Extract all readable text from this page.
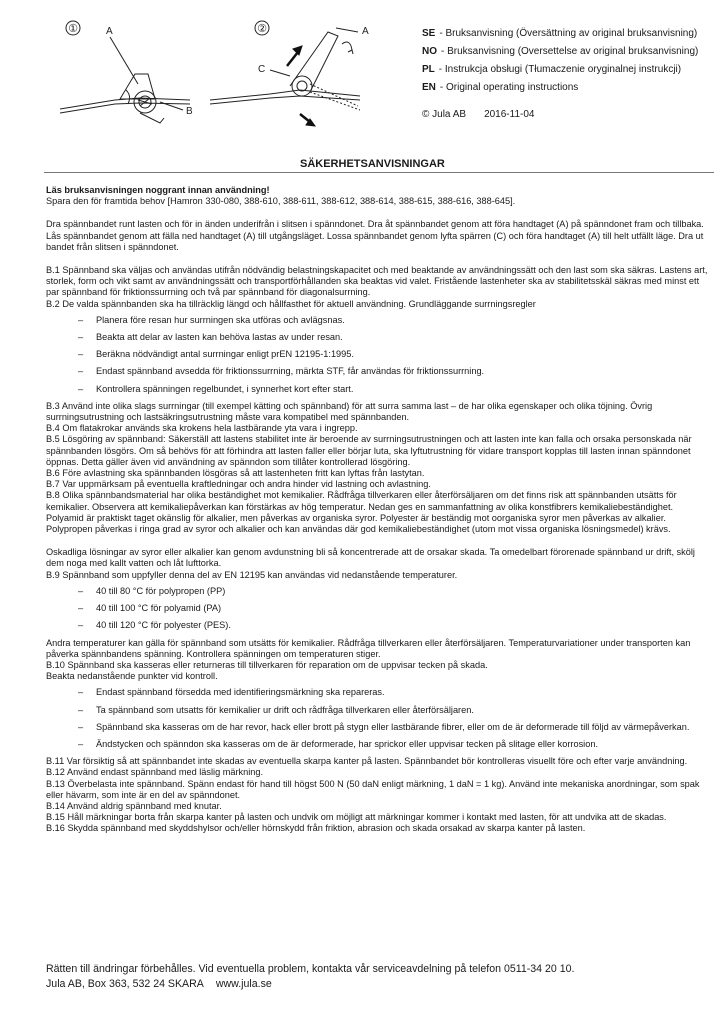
①	A
B
②	A
C
SE - Bruksanvisning (Översättning av original bruksanvisning)
NO - Bruksanvisning (Oversettelse av original bruksanvisning)
PL - Instrukcja obsługi (Tłumaczenie oryginalnej instrukcji)
EN - Original operating instructions
© Jula AB 2016-11-04
SÄKERHETSANVISNINGAR

Läs bruksanvisningen noggrant innan användning!

Spara den för framtida behov [Hamron 330-080, 388-610, 388-611, 388-612, 388-614, 388-615, 388-616, 388-645].

Dra spännbandet runt lasten och för in änden underifrån i slitsen i spänndonet. Dra åt spännbandet genom att föra handtaget (A) på spänndonet fram och tillbaka. Lås spännbandet genom att fälla ned handtaget (A) till utgångsläget. Lossa spännbandet genom lyfta spärren (C) och föra handtaget (A) till helt utfällt läge. Dra ut bandet från slitsen i spänndonet.

B.1 Spännband ska väljas och användas utifrån nödvändig belastningskapacitet och med beaktande av användningssätt och den last som ska säkras. Lastens art, storlek, form och vikt samt av användningssätt och transportförhållanden ska beaktas vid valet. Fristående lastenheter ska av stabilitetsskäl säkras med minst ett par spännband för friktionssurrning och två par spännband för diagonalsurrning.

B.2 De valda spännbanden ska ha tillräcklig längd och hållfasthet för aktuell användning. Grundläggande surrningsregler

– Planera före resan hur surrningen ska utföras och avlägsnas.
– Beakta att delar av lasten kan behöva lastas av under resan.
– Beräkna nödvändigt antal surrningar enligt prEN 12195-1:1995.
– Endast spännband avsedda för friktionssurrning, märkta STF, får användas för friktionssurrning.
– Kontrollera spänningen regelbundet, i synnerhet kort efter start.

B.3 Använd inte olika slags surrningar (till exempel kätting och spännband) för att surra samma last – de har olika egenskaper och olika töjning. Övrig surrningsutrustning och lastsäkringsutrustning måste vara kompatibel med spännbanden.

B.4 Om flatakrokar används ska krokens hela lastbärande yta vara i ingrepp.

B.5 Lösgöring av spännband: Säkerställ att lastens stabilitet inte är beroende av surrningsutrustningen och att lasten inte kan falla och orsaka personskada när spännbanden lösgörs. Om så behövs för att förhindra att lasten faller eller börjar luta, ska lyftutrustning för vidare transport kopplas till lasten innan spänndonet öppnas. Detta gäller även vid användning av spänndon som tillåter kontrollerad lösgöring.

B.6 Före avlastning ska spännbanden lösgöras så att lastenheten fritt kan lyftas från lastytan.

B.7 Var uppmärksam på eventuella kraftledningar och andra hinder vid lastning och avlastning.

B.8 Olika spännbandsmaterial har olika beständighet mot kemikalier. Rådfråga tillverkaren eller återförsäljaren om det finns risk att spännbanden utsätts för kemikalier. Observera att kemikaliepåverkan kan förstärkas av hög temperatur. Nedan ges en sammanfattning av olika konstfibrers kemikaliebeständighet.

Polyamid är praktiskt taget okänslig för alkalier, men påverkas av organiska syror. Polyester är beständig mot oorganiska syror men påverkas av alkalier. Polypropen påverkas i ringa grad av syror och alkalier och kan användas där god kemikaliebeständighet (utom mot vissa organiska lösningsmedel) krävs.

Oskadliga lösningar av syror eller alkalier kan genom avdunstning bli så koncentrerade att de orsakar skada. Ta omedelbart förorenade spännband ur drift, skölj dem noga med kallt vatten och låt lufttorka.

B.9 Spännband som uppfyller denna del av EN 12195 kan användas vid nedanstående temperaturer.

– 40 till 80 °C för polypropen (PP)
– 40 till 100 °C för polyamid (PA)
– 40 till 120 °C för polyester (PES).

Andra temperaturer kan gälla för spännband som utsätts för kemikalier. Rådfråga tillverkaren eller återförsäljaren. Temperaturvariationer under transporten kan påverka spännbandens spänning. Kontrollera spänningen om temperaturen stiger.

B.10 Spännband ska kasseras eller returneras till tillverkaren för reparation om de uppvisar tecken på skada.

Beakta nedanstående punkter vid kontroll.

– Endast spännband försedda med identifieringsmärkning ska repareras.
– Ta spännband som utsatts för kemikalier ur drift och rådfråga tillverkaren eller återförsäljaren.
– Spännband ska kasseras om de har revor, hack eller brott på stygn eller lastbärande fibrer, eller om de är deformerade till följd av värmepåverkan.
– Ändstycken och spänndon ska kasseras om de är deformerade, har sprickor eller uppvisar tecken på slitage eller korrosion.

B.11 Var försiktig så att spännbandet inte skadas av eventuella skarpa kanter på lasten. Spännbandet bör kontrolleras visuellt före och efter varje användning.

B.12 Använd endast spännband med läslig märkning.

B.13 Överbelasta inte spännband. Spänn endast för hand till högst 500 N (50 daN enligt märkning, 1 daN = 1 kg). Använd inte mekaniska anordningar, som spak eller hävarm, som inte är en del av spänndonet.

B.14 Använd aldrig spännband med knutar.

B.15 Håll märkningar borta från skarpa kanter på lasten och undvik om möjligt att märkningar kommer i kontakt med lasten, för att undvika att de skadas.

B.16 Skydda spännband med skyddshylsor och/eller hörnskydd från friktion, abrasion och skada orsakad av skarpa kanter på lasten.

Rätten till ändringar förbehålles. Vid eventuella problem, kontakta vår serviceavdelning på telefon 0511-34 20 10.
Jula AB, Box 363, 532 24 SKARA www.jula.se
